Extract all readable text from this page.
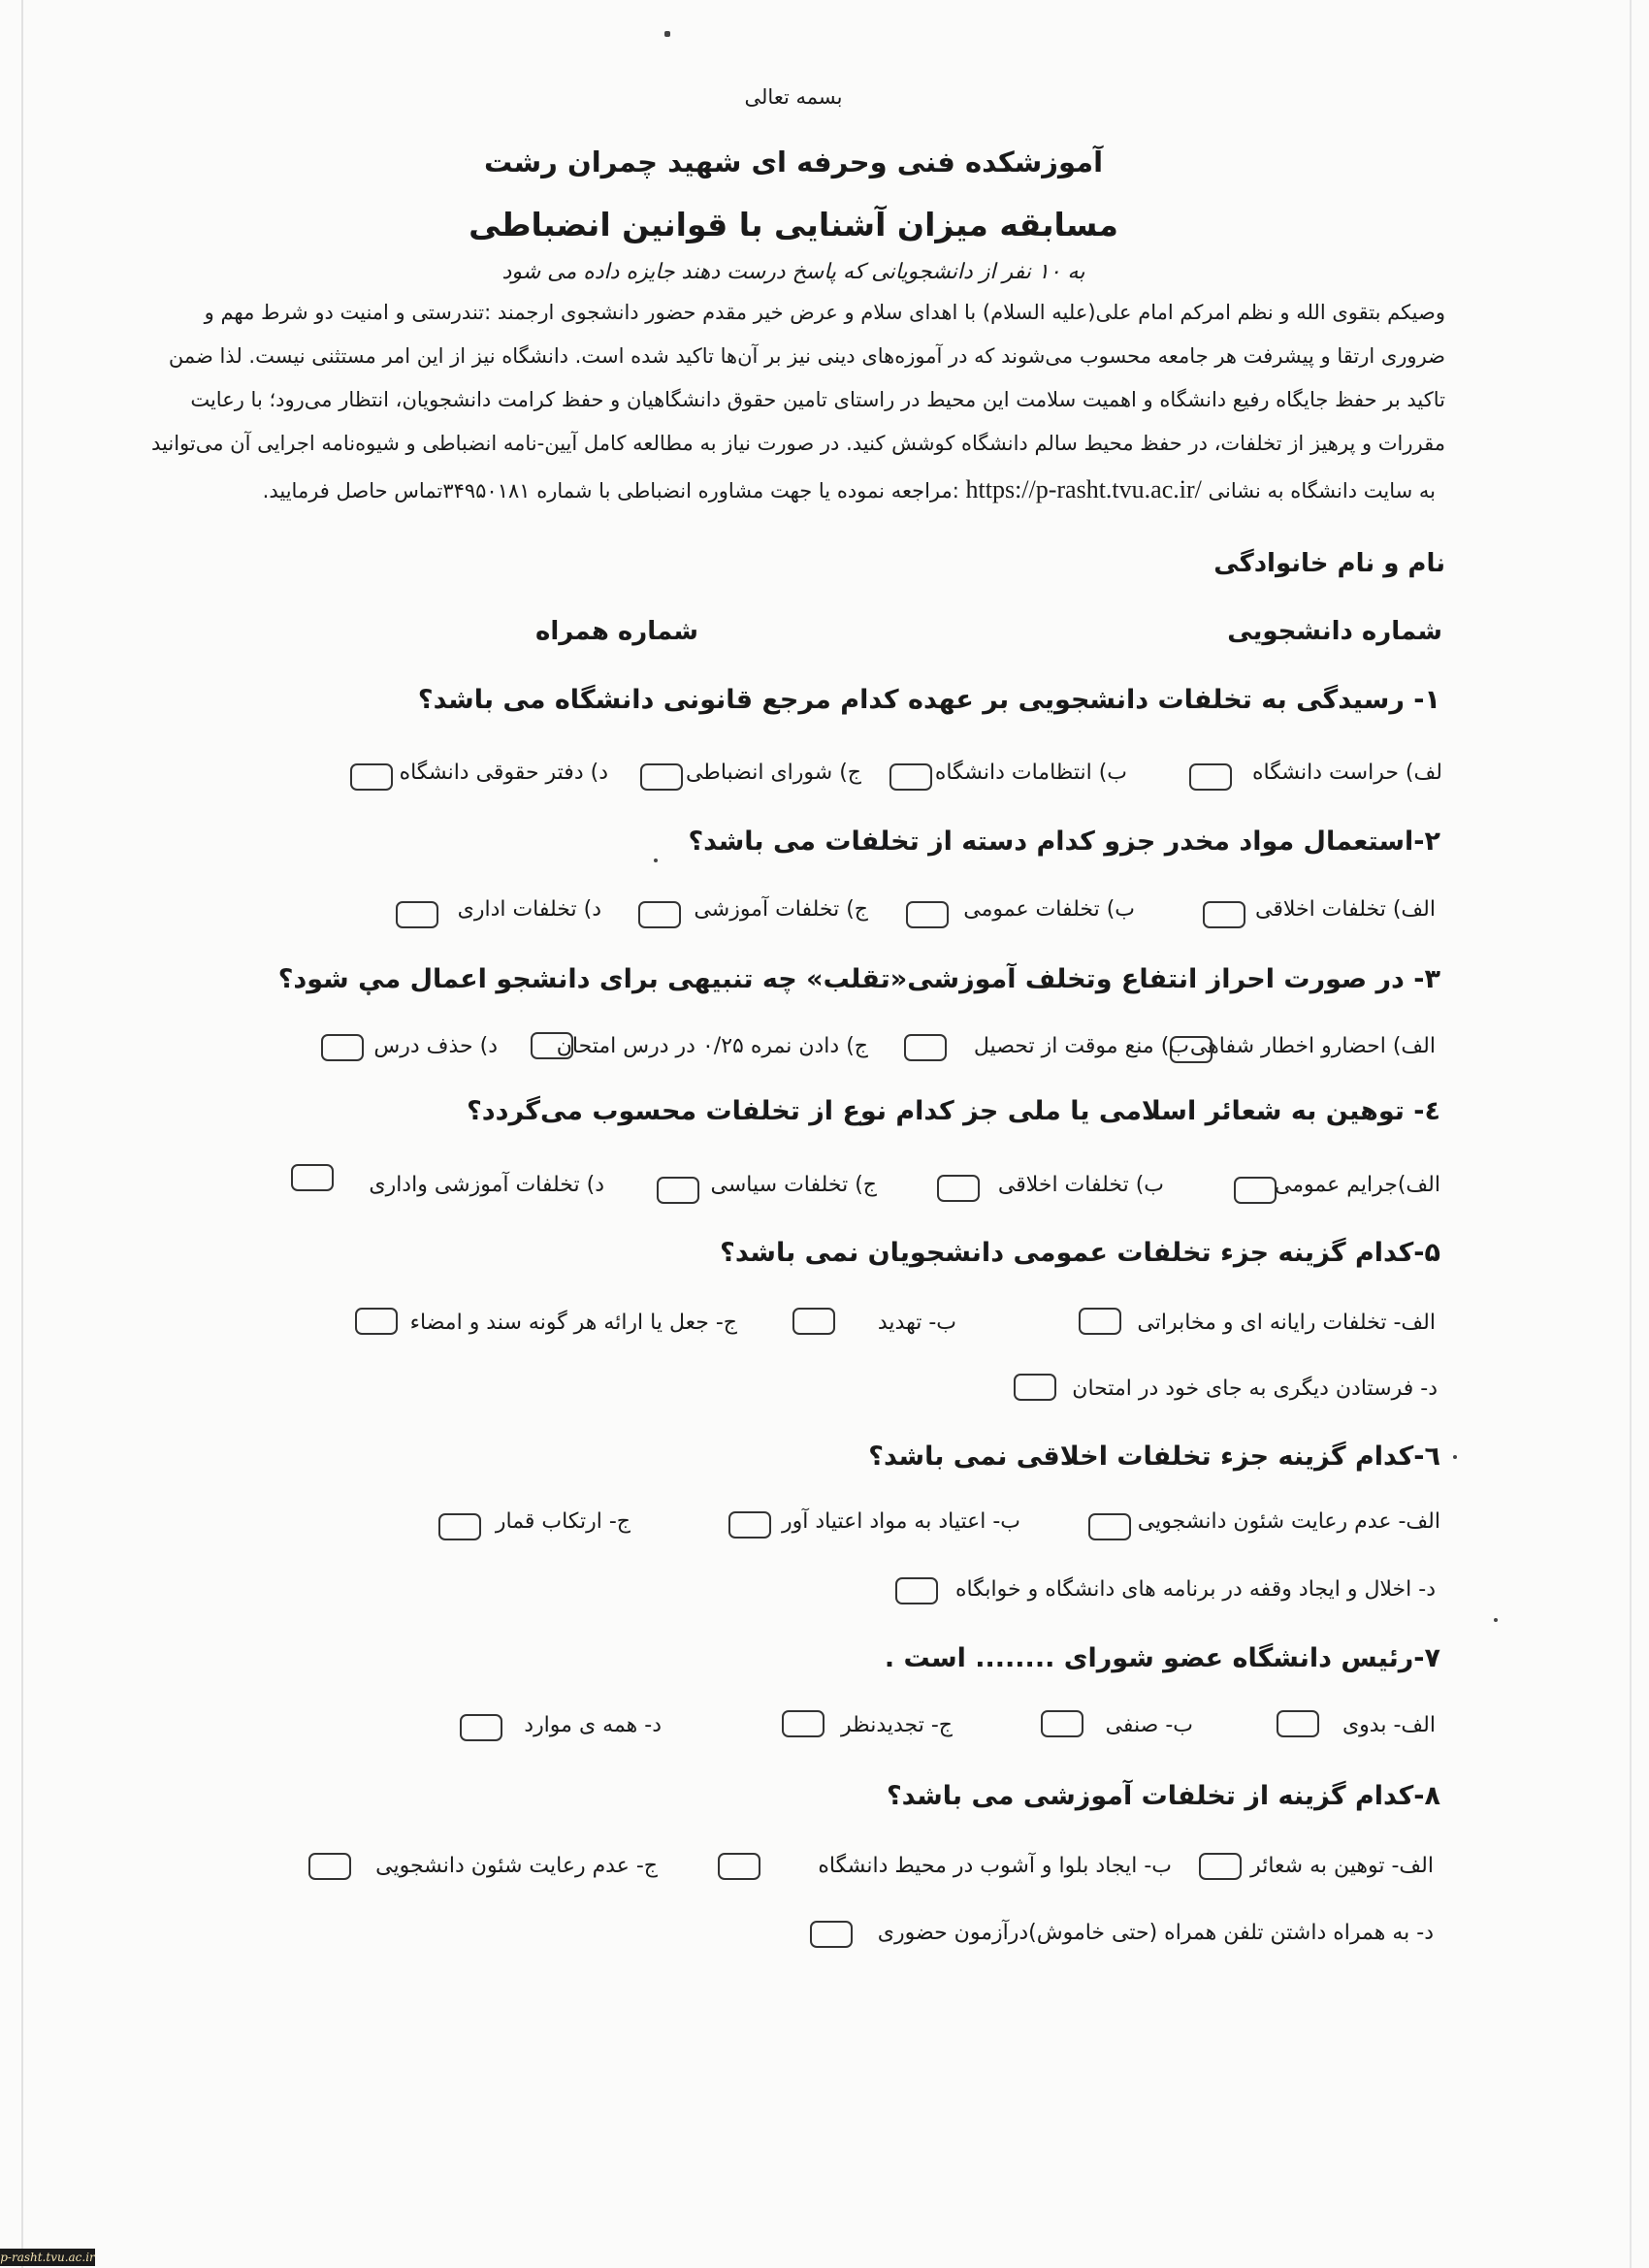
بسمه تعالی
آموزشکده فنی وحرفه ای شهید چمران رشت
مسابقه میزان آشنایی با قوانین انضباطی
به ۱۰ نفر از دانشجویانی که پاسخ درست دهند جایزه داده می شود
وصیکم بتقوی الله و نظم امرکم امام علی(علیه السلام) با اهدای سلام و عرض خیر مقدم حضور دانشجوی ارجمند :تندرستی و امنیت دو شرط مهم و
ضروری ارتقا و پیشرفت هر جامعه محسوب می‌شوند که در آموزه‌های دینی نیز بر آن‌ها تاکید شده است. دانشگاه نیز از این امر مستثنی نیست. لذا ضمن
تاکید بر حفظ جایگاه رفیع دانشگاه و اهمیت سلامت این محیط در راستای تامین حقوق دانشگاهیان و حفظ کرامت دانشجویان، انتظار می‌رود؛ با رعایت
مقررات و پرهیز از تخلفات، در حفظ محیط سالم دانشگاه کوشش کنید. در صورت نیاز به مطالعه کامل آیین-نامه انضباطی و شیوه‌نامه اجرایی آن می‌توانید
به سایت دانشگاه به نشانی https://p-rasht.tvu.ac.ir/ :مراجعه نموده یا جهت مشاوره انضباطی با شماره ۳۴۹۵۰۱۸۱تماس حاصل فرمایید.
نام و نام خانوادگی
شماره دانشجویی
شماره همراه
۱- رسیدگی به تخلفات دانشجویی بر عهده کدام مرجع قانونی دانشگاه می باشد؟
لف) حراست دانشگاه
ب) انتظامات دانشگاه
ج) شورای انضباطی
د) دفتر حقوقی دانشگاه
۲-استعمال مواد مخدر جزو کدام دسته از تخلفات می باشد؟
الف) تخلفات اخلاقی
ب) تخلفات عمومی
ج) تخلفات آموزشی
د) تخلفات اداری
۳- در صورت احراز انتفاع وتخلف آموزشی«تقلب» چه تنبیهی برای دانشجو اعمال می شود؟
الف) احضارو اخطار شفاهی
ب) منع موقت از تحصیل
ج) دادن نمره ۰/۲۵ در درس امتحان
د) حذف درس
٤- توهین به شعائر اسلامی یا ملی جز کدام نوع از تخلفات محسوب می‌گردد؟
الف)جرایم عمومی
ب) تخلفات اخلاقی
ج) تخلفات سیاسی
د) تخلفات آموزشی واداری
۵-کدام گزینه جزء تخلفات عمومی دانشجویان نمی باشد؟
الف- تخلفات رایانه ای و مخابراتی
ب- تهدید
ج- جعل یا ارائه هر گونه سند و امضاء
د- فرستادن دیگری به جای خود در امتحان
٦-کدام گزینه جزء تخلفات اخلاقی نمی باشد؟
الف- عدم رعایت شئون دانشجویی
ب- اعتیاد به مواد اعتیاد آور
ج- ارتکاب قمار
د- اخلال و ایجاد وقفه در برنامه های دانشگاه و خوابگاه
۷-رئیس دانشگاه عضو شورای ........ است .
الف- بدوی
ب- صنفی
ج- تجدیدنظر
د- همه ی موارد
۸-کدام گزینه از تخلفات آموزشی می باشد؟
الف- توهین به شعائر
ب- ایجاد بلوا و آشوب در محیط دانشگاه
ج- عدم رعایت شئون دانشجویی
د- به همراه داشتن تلفن همراه (حتی خاموش)درآزمون حضوری
p-rasht.tvu.ac.ir
